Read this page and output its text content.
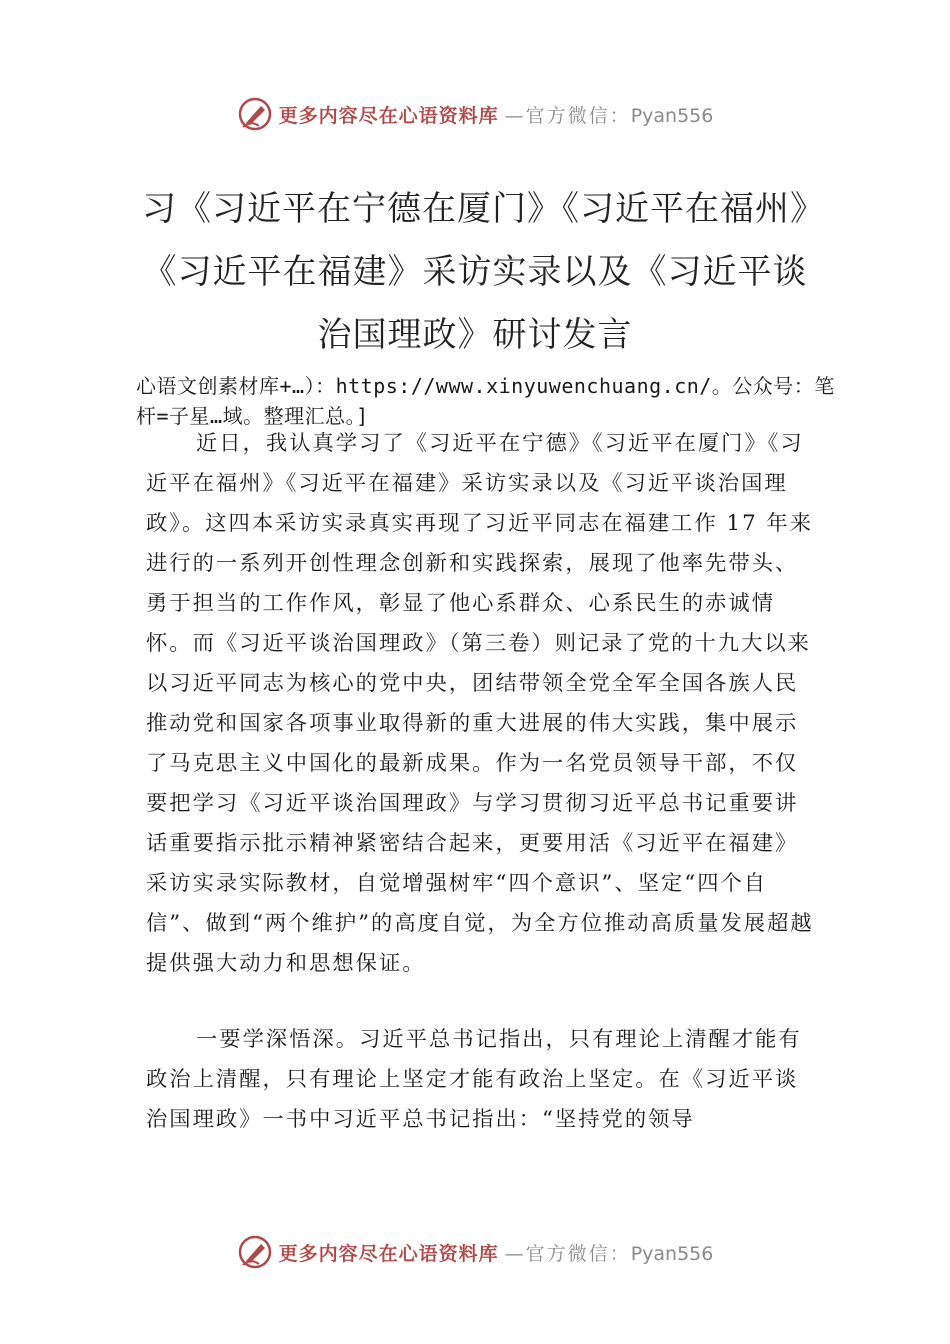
更多内容尽在心语资料库 —官方微信：Pyan556
习《习近平在宁德在厦门》《习近平在福州》《习近平在福建》采访实录以及《习近平谈治国理政》研讨发言
心语文创素材库+…）：https://www.xinyuwenchuang.cn/。公众号：笔杆=子星…域。整理汇总。]

近日，我认真学习了《习近平在宁德》《习近平在厦门》《习近平在福州》《习近平在福建》采访实录以及《习近平谈治国理政》。这四本采访实录真实再现了习近平同志在福建工作 17 年来进行的一系列开创性理念创新和实践探索，展现了他率先带头、勇于担当的工作作风，彰显了他心系群众、心系民生的赤诚情怀。而《习近平谈治国理政》（第三卷）则记录了党的十九大以来以习近平同志为核心的党中央，团结带领全党全军全国各族人民推动党和国家各项事业取得新的重大进展的伟大实践，集中展示了马克思主义中国化的最新成果。作为一名党员领导干部，不仅要把学习《习近平谈治国理政》与学习贯彻习近平总书记重要讲话重要指示批示精神紧密结合起来，更要用活《习近平在福建》采访实录实际教材，自觉增强树牢“四个意识”、坚定“四个自信”、做到“两个维护”的高度自觉，为全方位推动高质量发展超越提供强大动力和思想保证。

一要学深悟深。习近平总书记指出，只有理论上清醒才能有政治上清醒，只有理论上坚定才能有政治上坚定。在《习近平谈治国理政》一书中习近平总书记指出：“坚持党的领导

更多内容尽在心语资料库 —官方微信：Pyan556
